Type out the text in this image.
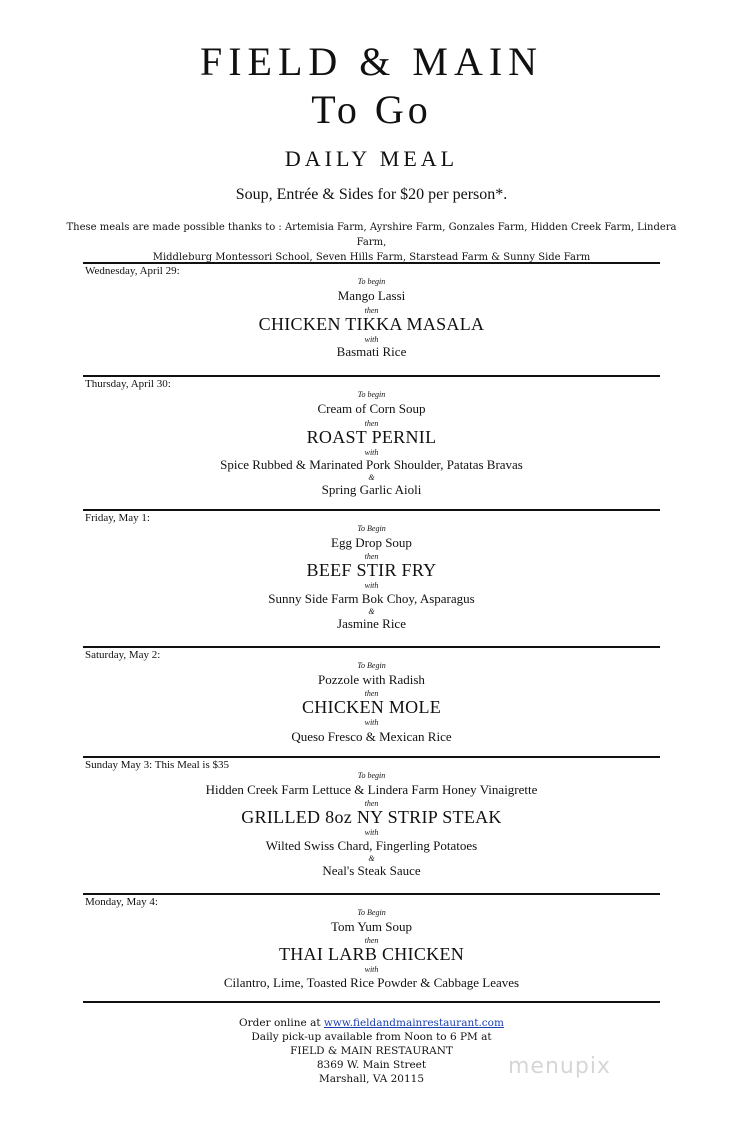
FIELD & MAIN
To Go
DAILY MEAL
Soup, Entrée & Sides for $20 per person*.
These meals are made possible thanks to : Artemisia Farm, Ayrshire Farm, Gonzales Farm, Hidden Creek Farm, Lindera Farm,
Middleburg Montessori School, Seven Hills Farm, Starstead Farm & Sunny Side Farm
Wednesday, April 29:
To begin
Mango Lassi
then
CHICKEN TIKKA MASALA
with
Basmati Rice
Thursday, April 30:
To begin
Cream of Corn Soup
then
ROAST PERNIL
with
Spice Rubbed & Marinated Pork Shoulder, Patatas Bravas
&
Spring Garlic Aioli
Friday, May 1:
To Begin
Egg Drop Soup
then
BEEF STIR FRY
with
Sunny Side Farm Bok Choy, Asparagus
&
Jasmine Rice
Saturday, May 2:
To Begin
Pozzole with Radish
then
CHICKEN MOLE
with
Queso Fresco & Mexican Rice
Sunday May 3: This Meal is $35
To begin
Hidden Creek Farm Lettuce & Lindera Farm Honey Vinaigrette
then
GRILLED 8oz NY STRIP STEAK
with
Wilted Swiss Chard, Fingerling Potatoes
&
Neal's Steak Sauce
Monday, May 4:
To Begin
Tom Yum Soup
then
THAI LARB CHICKEN
with
Cilantro, Lime, Toasted Rice Powder & Cabbage Leaves
Order online at www.fieldandmainrestaurant.com
Daily pick-up available from Noon to 6 PM at
FIELD & MAIN RESTAURANT
8369 W. Main Street
Marshall, VA 20115	menupix
